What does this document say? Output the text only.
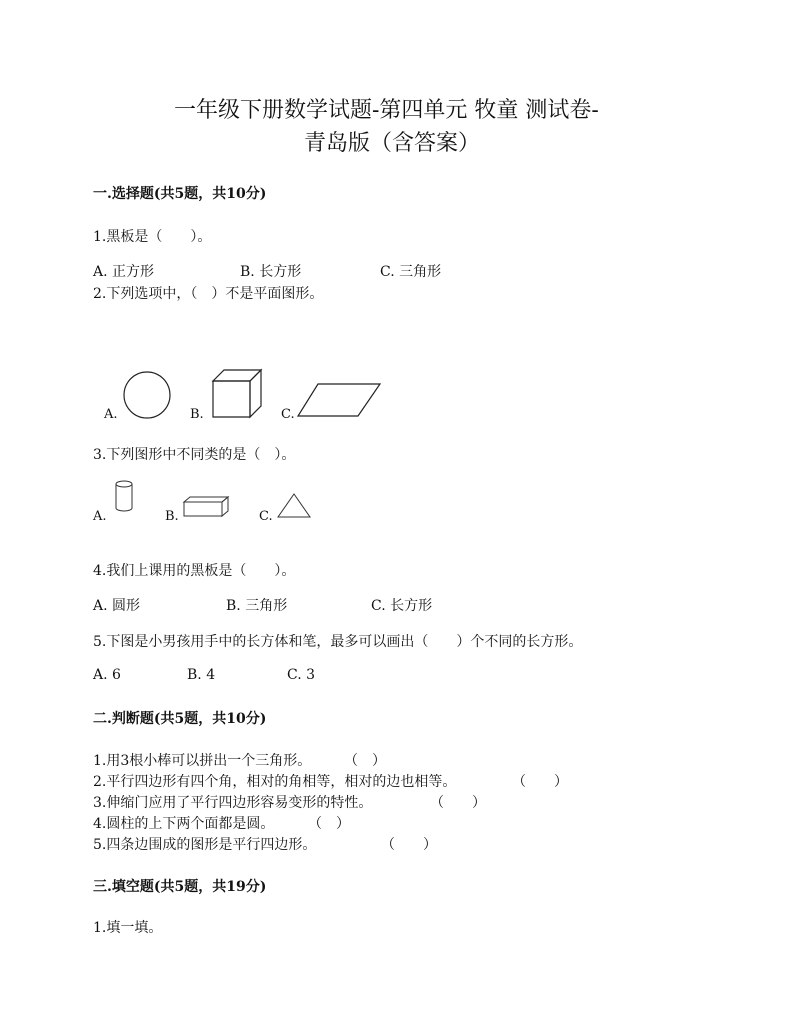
一年级下册数学试题-第四单元 牧童 测试卷-
青岛版（含答案）
一.选择题(共5题，共10分)
1.黑板是（　　）。
A. 正方形	B. 长方形	C. 三角形
2.下列选项中，（　）不是平面图形。
A.	B.	C.
3.下列图形中不同类的是（　）。
A.	B.	C.
4.我们上课用的黑板是（　　）。
A. 圆形	B. 三角形	C. 长方形
5.下图是小男孩用手中的长方体和笔，最多可以画出（　　）个不同的长方形。
A. 6	B. 4	C. 3
二.判断题(共5题，共10分)
1.用3根小棒可以拼出一个三角形。 （　）
2.平行四边形有四个角，相对的角相等，相对的边也相等。	（　　）
3.伸缩门应用了平行四边形容易变形的特性。	（　　）
4.圆柱的上下两个面都是圆。 （　）
5.四条边围成的图形是平行四边形。	（　　）
三.填空题(共5题，共19分)
1.填一填。
